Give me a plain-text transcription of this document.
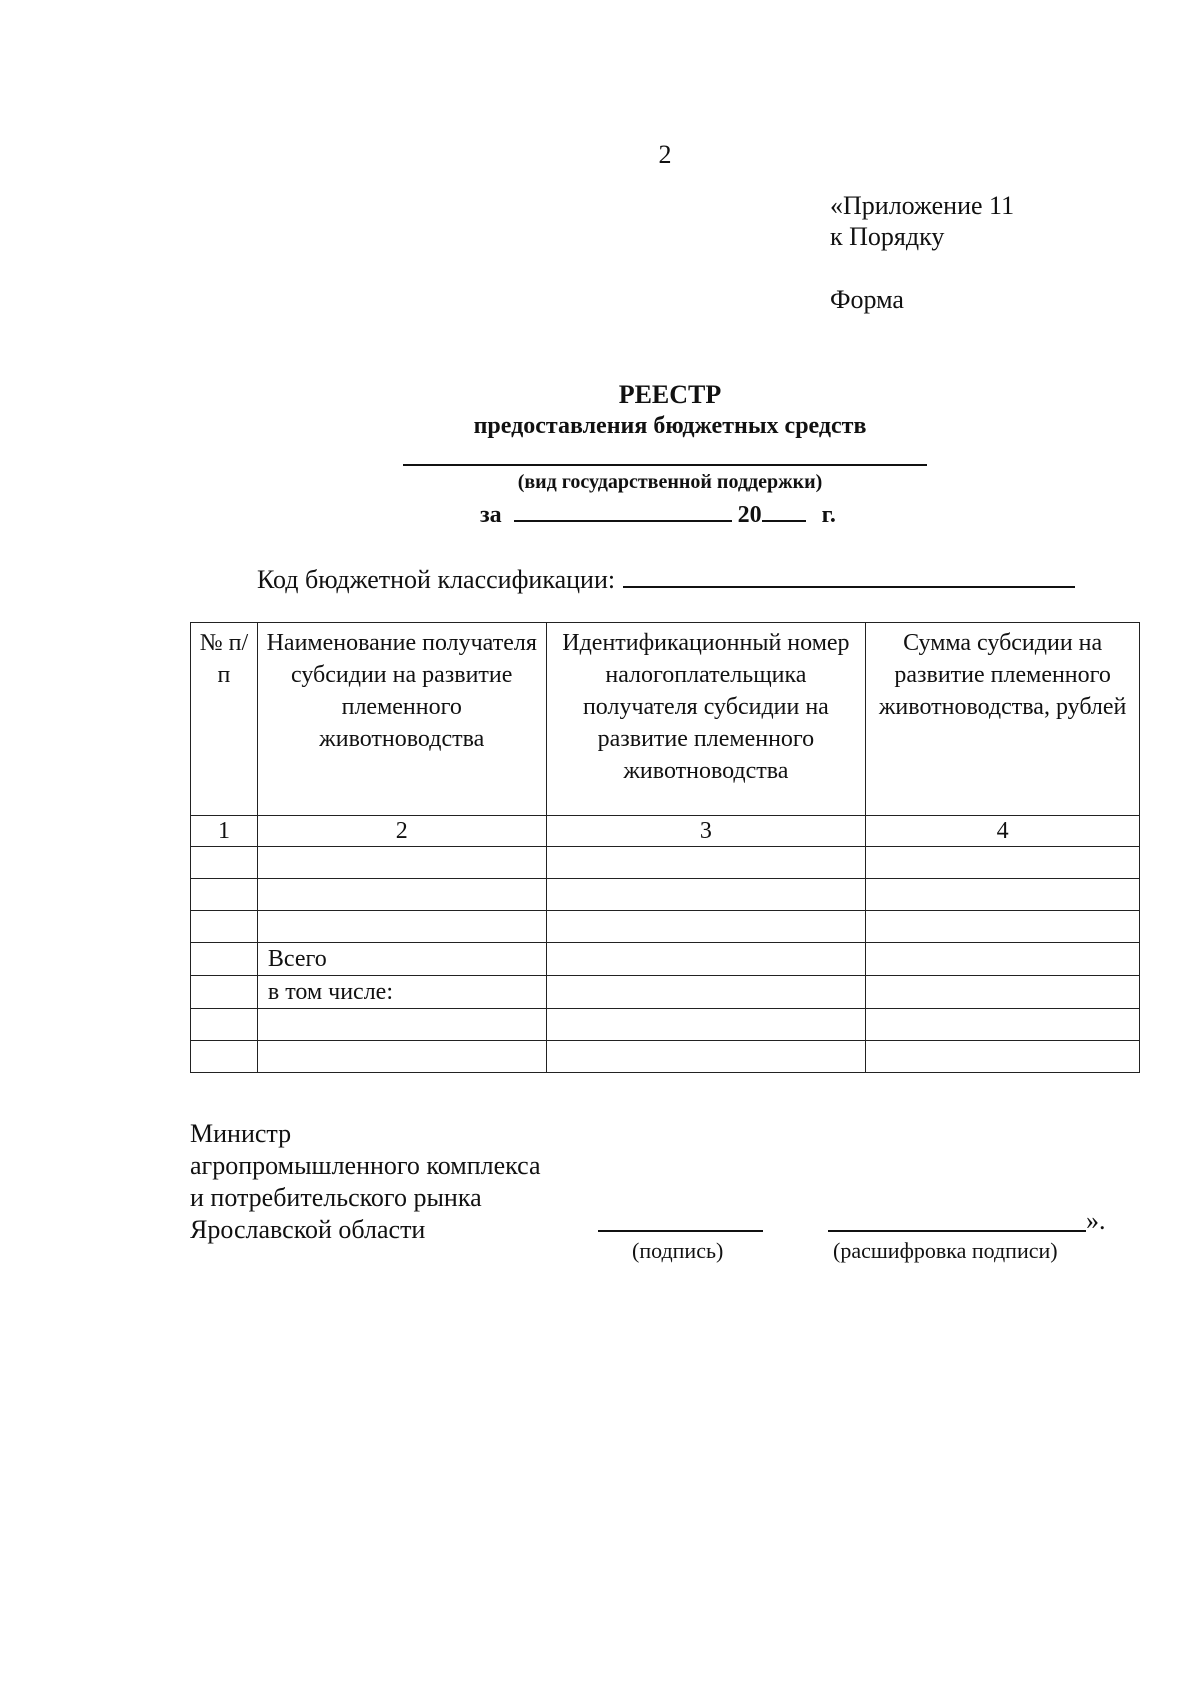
2
«Приложение 11
к Порядку
Форма
РЕЕСТР
предоставления бюджетных средств
(вид государственной поддержки)
за	20	г.
Код бюджетной классификации:
№ п/п	Наименование получателя субсидии на развитие племенного животноводства	Идентификационный номер налогоплательщика получателя субсидии на развитие племенного животноводства	Сумма субсидии на развитие племенного животноводства, рублей
1	2	3	4

	Всего		
	в том числе:		

Министр
агропромышленного комплекса
и потребительского рынка
Ярославской области	».
(подпись)	(расшифровка подписи)
